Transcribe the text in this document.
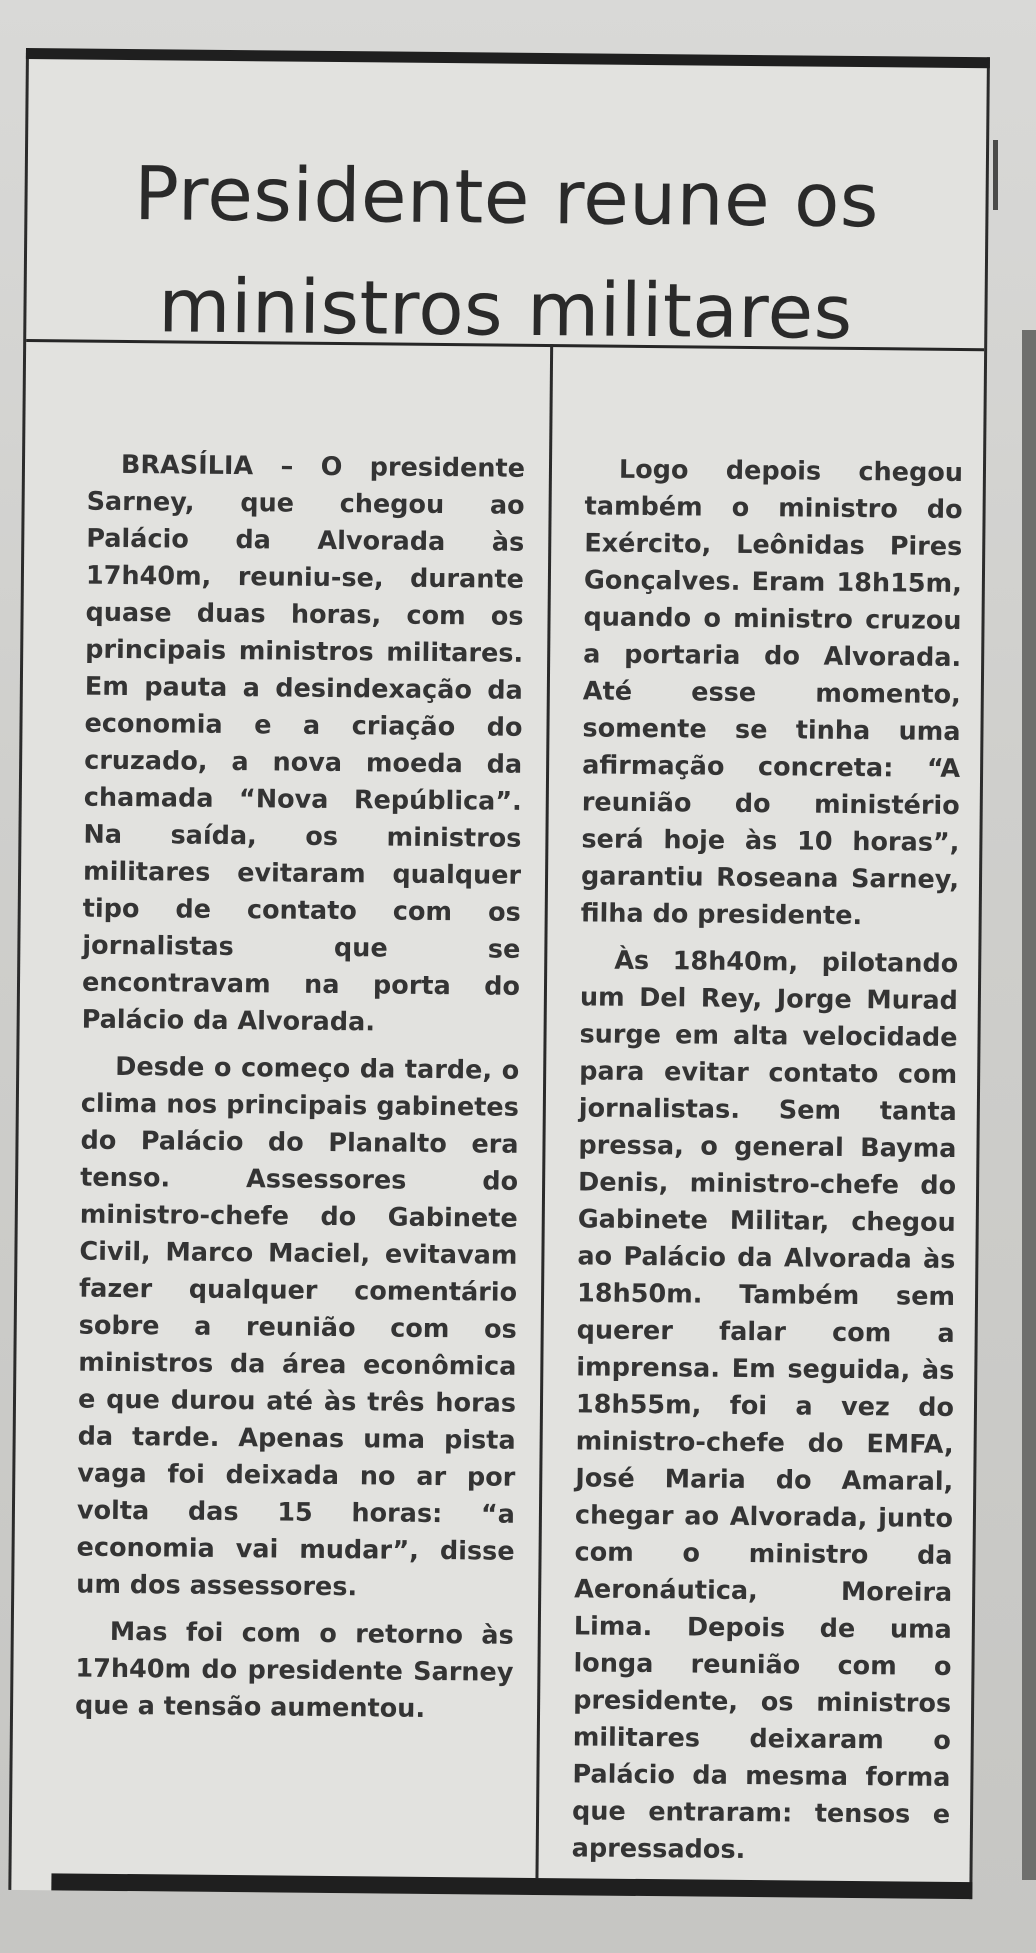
Presidente reune os ministros militares

BRASÍLIA – O presidente Sarney, que chegou ao Palácio da Alvorada às 17h40m, reuniu-se, durante quase duas horas, com os principais ministros militares. Em pauta a desindexação da economia e a criação do cruzado, a nova moeda da chamada “Nova República”. Na saída, os ministros militares evitaram qualquer tipo de contato com os jornalistas que se encontravam na porta do Palácio da Alvorada.

Desde o começo da tarde, o clima nos principais gabinetes do Palácio do Planalto era tenso. Assessores do ministro-chefe do Gabinete Civil, Marco Maciel, evitavam fazer qualquer comentário sobre a reunião com os ministros da área econômica e que durou até às três horas da tarde. Apenas uma pista vaga foi deixada no ar por volta das 15 horas: “a economia vai mudar”, disse um dos assessores.

Mas foi com o retorno às 17h40m do presidente Sarney que a tensão aumentou.

Logo depois chegou também o ministro do Exército, Leônidas Pires Gonçalves. Eram 18h15m, quando o ministro cruzou a portaria do Alvorada. Até esse momento, somente se tinha uma afirmação concreta: “A reunião do ministério será hoje às 10 horas”, garantiu Roseana Sarney, filha do presidente.

Às 18h40m, pilotando um Del Rey, Jorge Murad surge em alta velocidade para evitar contato com jornalistas. Sem tanta pressa, o general Bayma Denis, ministro-chefe do Gabinete Militar, chegou ao Palácio da Alvorada às 18h50m. Também sem querer falar com a imprensa. Em seguida, às 18h55m, foi a vez do ministro-chefe do EMFA, José Maria do Amaral, chegar ao Alvorada, junto com o ministro da Aeronáutica, Moreira Lima. Depois de uma longa reunião com o presidente, os ministros militares deixaram o Palácio da mesma forma que entraram: tensos e apressados.
